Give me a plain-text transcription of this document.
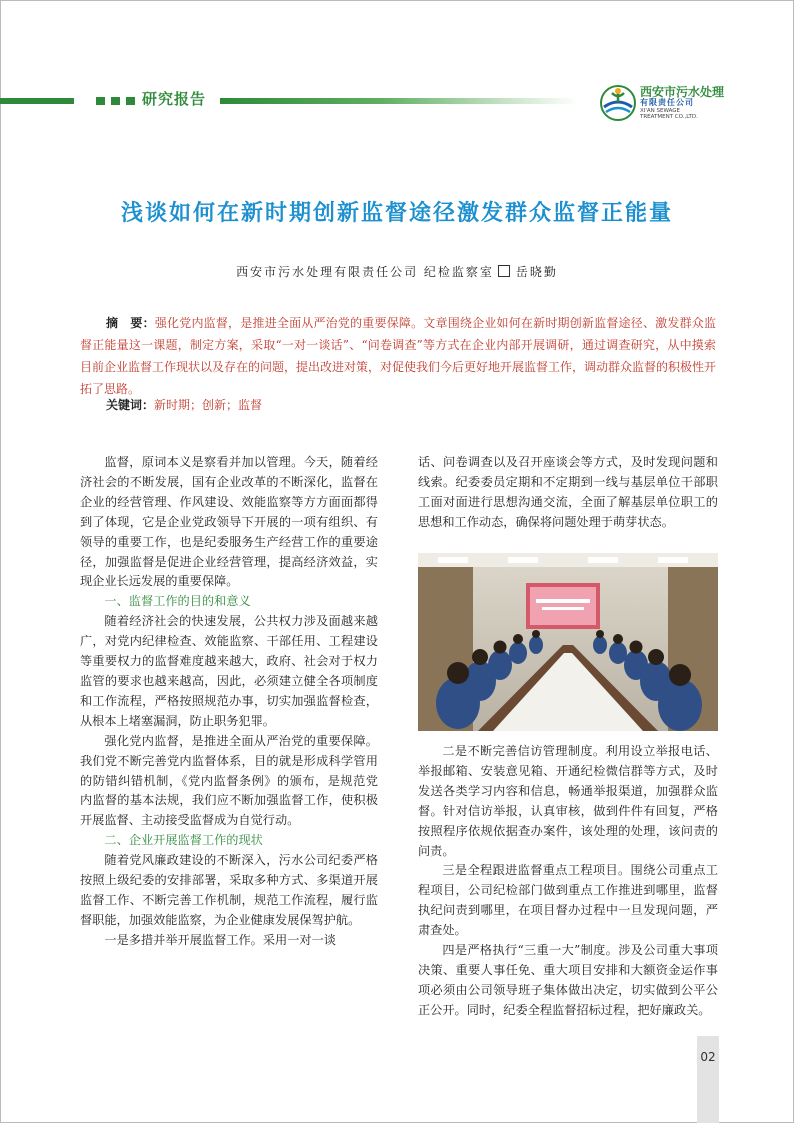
研究报告	西安市污水处理
有限责任公司
XI'AN SEWAGE
TREATMENT CO.,LTD.
浅谈如何在新时期创新监督途径激发群众监督正能量
西安市污水处理有限责任公司 纪检监察室 岳晓勤
摘　要：强化党内监督，是推进全面从严治党的重要保障。文章围绕企业如何在新时期创新监督途径、激发群众监督正能量这一课题，制定方案，采取“一对一谈话”、“问卷调查”等方式在企业内部开展调研，通过调查研究，从中摸索目前企业监督工作现状以及存在的问题，提出改进对策，对促使我们今后更好地开展监督工作，调动群众监督的积极性开拓了思路。
关键词：新时期；创新；监督

监督，原词本义是察看并加以管理。今天，随着经济社会的不断发展，国有企业改革的不断深化，监督在企业的经营管理、作风建设、效能监察等方方面面都得到了体现，它是企业党政领导下开展的一项有组织、有领导的重要工作，也是纪委服务生产经营工作的重要途径，加强监督是促进企业经营管理，提高经济效益，实现企业长远发展的重要保障。

一、监督工作的目的和意义

随着经济社会的快速发展，公共权力涉及面越来越广，对党内纪律检查、效能监察、干部任用、工程建设等重要权力的监督难度越来越大，政府、社会对于权力监管的要求也越来越高，因此，必须建立健全各项制度和工作流程，严格按照规范办事，切实加强监督检查，从根本上堵塞漏洞，防止职务犯罪。

强化党内监督，是推进全面从严治党的重要保障。我们党不断完善党内监督体系，目的就是形成科学管用的防错纠错机制，《党内监督条例》的颁布，是规范党内监督的基本法规，我们应不断加强监督工作，使积极开展监督、主动接受监督成为自觉行动。

二、企业开展监督工作的现状

随着党风廉政建设的不断深入，污水公司纪委严格按照上级纪委的安排部署，采取多种方式、多渠道开展监督工作、不断完善工作机制，规范工作流程，履行监督职能，加强效能监察，为企业健康发展保驾护航。

一是多措并举开展监督工作。采用一对一谈

话、问卷调查以及召开座谈会等方式，及时发现问题和线索。纪委委员定期和不定期到一线与基层单位干部职工面对面进行思想沟通交流，全面了解基层单位职工的思想和工作动态，确保将问题处理于萌芽状态。

二是不断完善信访管理制度。利用设立举报电话、举报邮箱、安装意见箱、开通纪检微信群等方式，及时发送各类学习内容和信息，畅通举报渠道，加强群众监督。针对信访举报，认真审核，做到件件有回复，严格按照程序依规依据查办案件，该处理的处理，该问责的问责。

三是全程跟进监督重点工程项目。围绕公司重点工程项目，公司纪检部门做到重点工作推进到哪里，监督执纪问责到哪里，在项目督办过程中一旦发现问题，严肃查处。

四是严格执行“三重一大”制度。涉及公司重大事项决策、重要人事任免、重大项目安排和大额资金运作事项必须由公司领导班子集体做出决定，切实做到公平公正公开。同时，纪委全程监督招标过程，把好廉政关。

02
